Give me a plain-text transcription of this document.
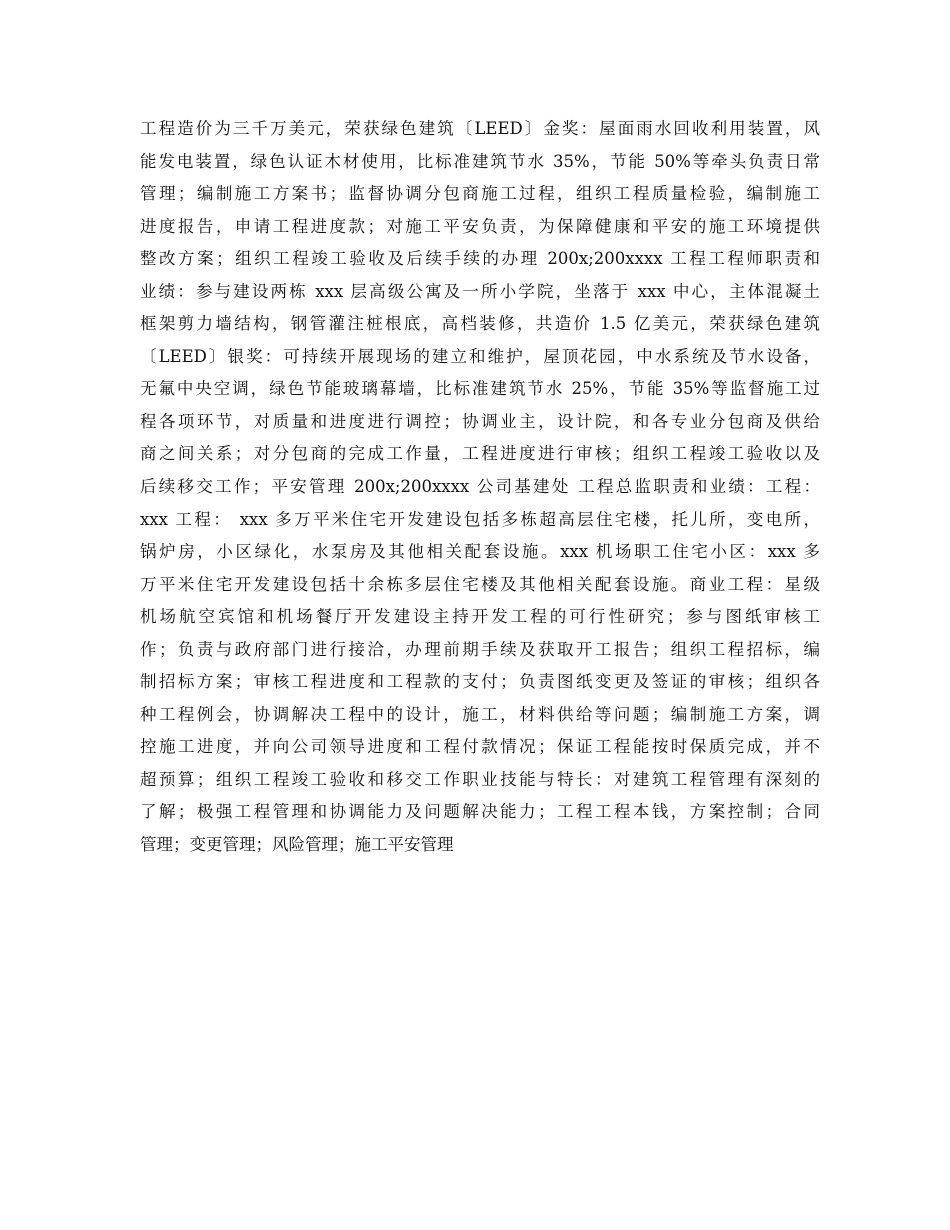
工程造价为三千万美元，荣获绿色建筑〔LEED〕金奖：屋面雨水回收利用装置，风
能发电装置，绿色认证木材使用，比标准建筑节水 35%，节能 50%等牵头负责日常
管理；编制施工方案书；监督协调分包商施工过程，组织工程质量检验，编制施工
进度报告，申请工程进度款；对施工平安负责，为保障健康和平安的施工环境提供
整改方案；组织工程竣工验收及后续手续的办理 200x;200xxxx 工程工程师职责和
业绩：参与建设两栋 xxx 层高级公寓及一所小学院，坐落于 xxx 中心，主体混凝土
框架剪力墙结构，钢管灌注桩根底，高档装修，共造价 1.5 亿美元，荣获绿色建筑
〔LEED〕银奖：可持续开展现场的建立和维护，屋顶花园，中水系统及节水设备，
无氟中央空调，绿色节能玻璃幕墙，比标准建筑节水 25%，节能 35%等监督施工过
程各项环节，对质量和进度进行调控；协调业主，设计院，和各专业分包商及供给
商之间关系；对分包商的完成工作量，工程进度进行审核；组织工程竣工验收以及
后续移交工作；平安管理 200x;200xxxx 公司基建处 工程总监职责和业绩：工程：
xxx 工程： xxx 多万平米住宅开发建设包括多栋超高层住宅楼，托儿所，变电所，
锅炉房，小区绿化，水泵房及其他相关配套设施。xxx 机场职工住宅小区：xxx 多
万平米住宅开发建设包括十余栋多层住宅楼及其他相关配套设施。商业工程：星级
机场航空宾馆和机场餐厅开发建设主持开发工程的可行性研究；参与图纸审核工
作；负责与政府部门进行接洽，办理前期手续及获取开工报告；组织工程招标，编
制招标方案；审核工程进度和工程款的支付；负责图纸变更及签证的审核；组织各
种工程例会，协调解决工程中的设计，施工，材料供给等问题；编制施工方案，调
控施工进度，并向公司领导进度和工程付款情况；保证工程能按时保质完成，并不
超预算；组织工程竣工验收和移交工作职业技能与特长：对建筑工程管理有深刻的
了解；极强工程管理和协调能力及问题解决能力；工程工程本钱，方案控制；合同
管理；变更管理；风险管理；施工平安管理
